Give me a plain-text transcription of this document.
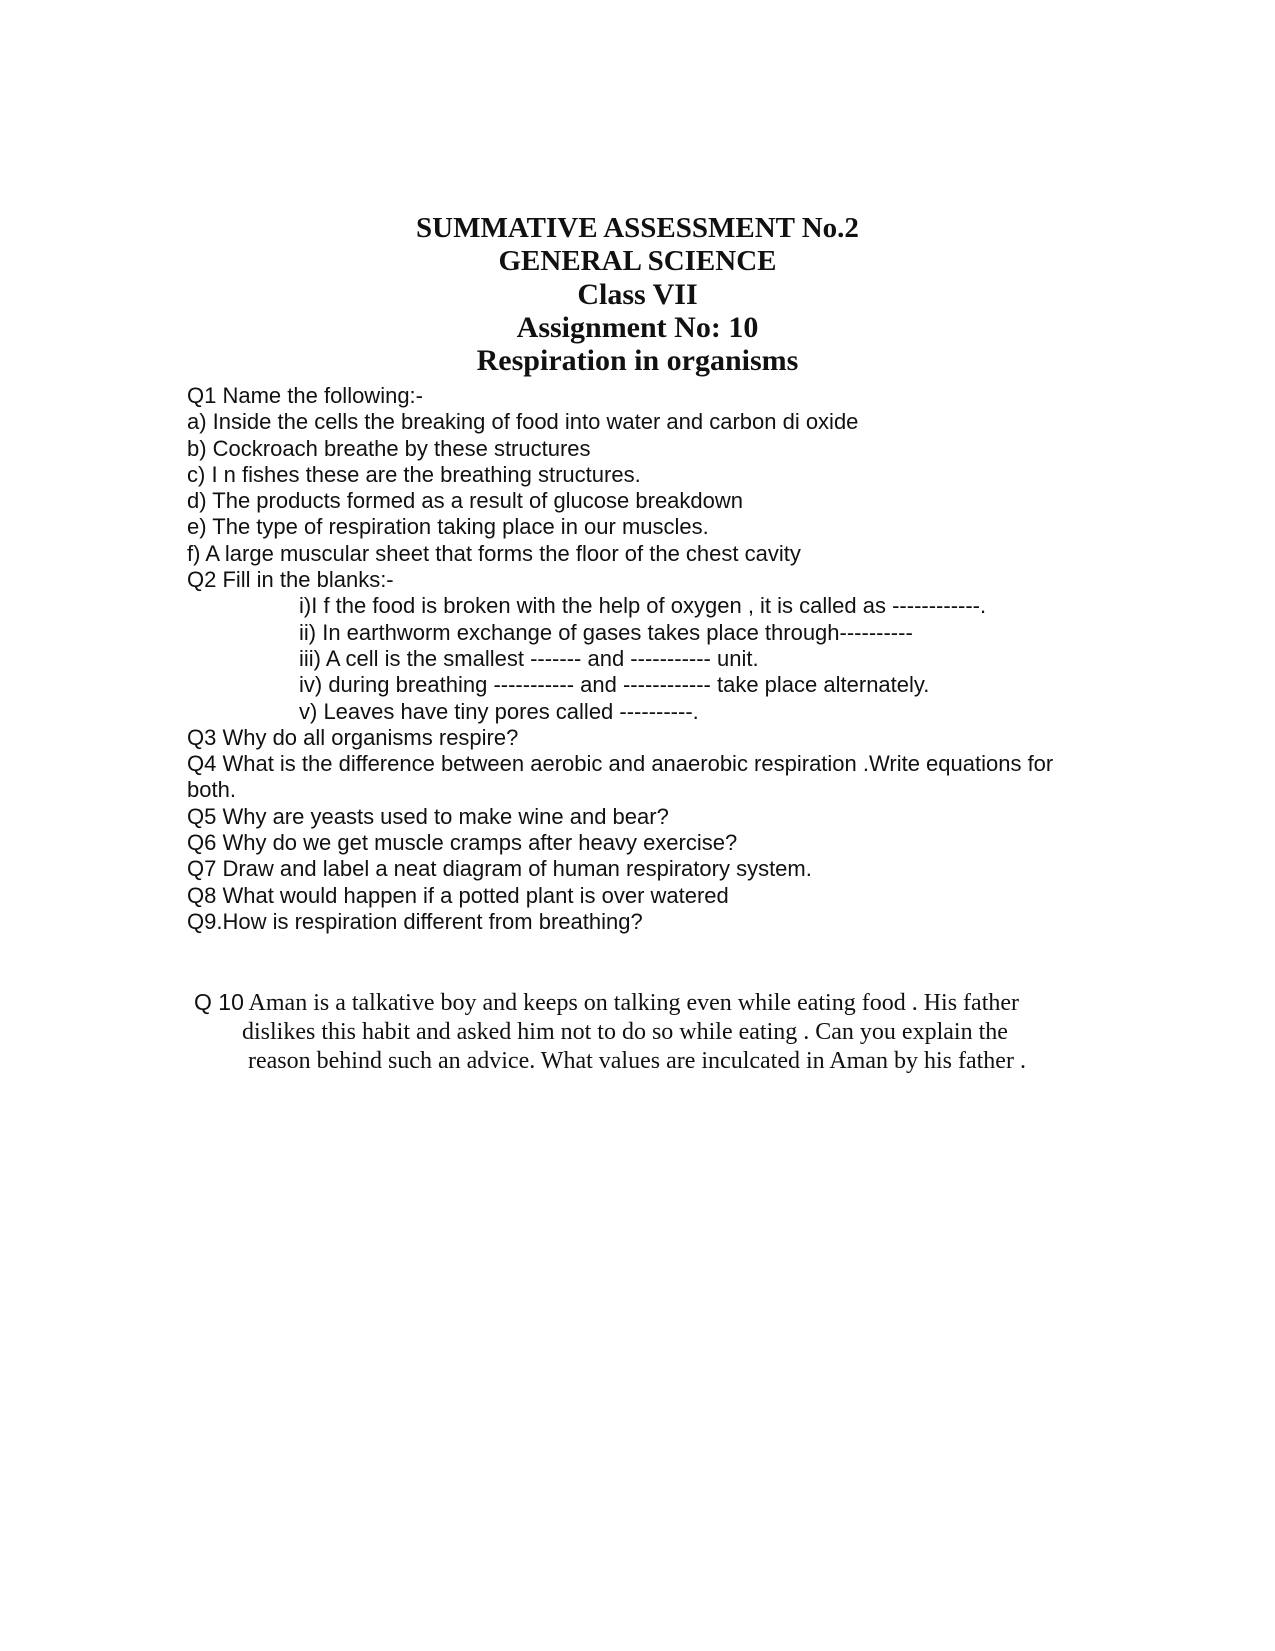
SUMMATIVE ASSESSMENT No.2
GENERAL SCIENCE
Class VII
Assignment No: 10
Respiration in organisms
Q1 Name the following:-
a) Inside the cells the breaking of food into water and carbon di oxide
b) Cockroach breathe by these structures
c) I n fishes these are the breathing structures.
d) The products formed as a result of glucose breakdown
e) The type of respiration taking place in our muscles.
f) A large muscular sheet that forms the floor of the chest cavity
Q2 Fill in the blanks:-
i)I f the food is broken with the help of oxygen , it is called as ------------.
ii) In earthworm exchange of gases takes place through----------
iii) A cell is the smallest ------- and ----------- unit.
iv) during breathing ----------- and ------------ take place alternately.
v) Leaves have tiny pores called ----------.
Q3 Why do all organisms respire?
Q4 What is the difference between aerobic and anaerobic respiration .Write equations for both.
Q5 Why are yeasts used to make wine and bear?
Q6 Why do we get muscle cramps after heavy exercise?
Q7 Draw and label a neat diagram of human respiratory system.
Q8 What would happen if a potted plant is over watered
Q9.How is respiration different from breathing?
Q 10 Aman is a talkative boy and keeps on talking even while eating food . His father
dislikes this habit and asked him not to do so while eating . Can you explain the
reason behind such an advice. What values are inculcated in Aman by his father .
